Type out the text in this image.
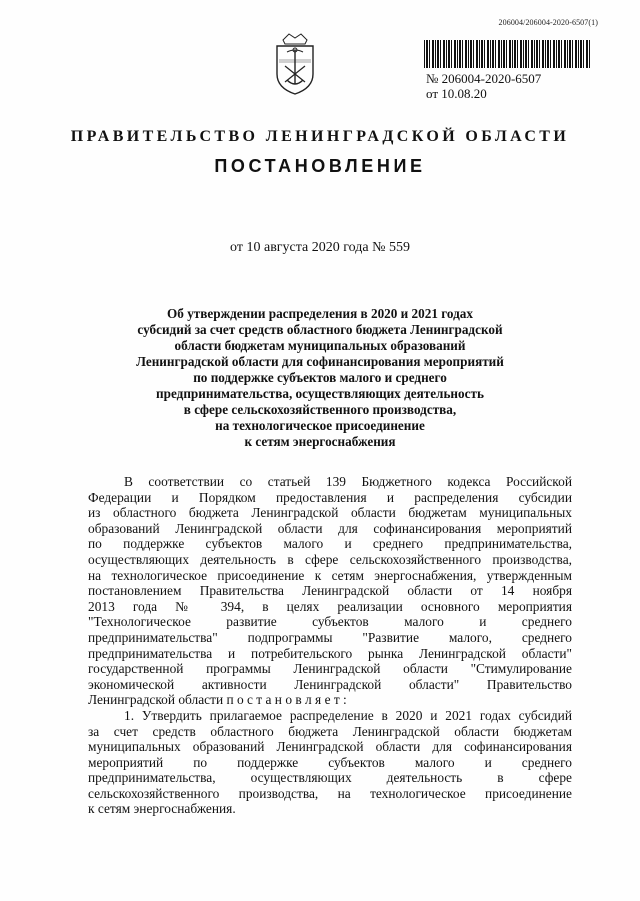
206004/206004-2020-6507(1)
№ 206004-2020-6507
от 10.08.20
ПРАВИТЕЛЬСТВО ЛЕНИНГРАДСКОЙ ОБЛАСТИ
ПОСТАНОВЛЕНИЕ
от 10 августа 2020 года № 559
Об утверждении распределения в 2020 и 2021 годах
субсидий за счет средств областного бюджета Ленинградской
области бюджетам муниципальных образований
Ленинградской области для софинансирования мероприятий
по поддержке субъектов малого и среднего
предпринимательства, осуществляющих деятельность
в сфере сельскохозяйственного производства,
на технологическое присоединение
к сетям энергоснабжения
В соответствии со статьей 139 Бюджетного кодекса Российской
Федерации и Порядком предоставления и распределения субсидии
из областного бюджета Ленинградской области бюджетам муниципальных
образований Ленинградской области для софинансирования мероприятий
по поддержке субъектов малого и среднего предпринимательства,
осуществляющих деятельность в сфере сельскохозяйственного производства,
на технологическое присоединение к сетям энергоснабжения, утвержденным
постановлением Правительства Ленинградской области от 14 ноября
2013 года № 394, в целях реализации основного мероприятия
"Технологическое развитие субъектов малого и среднего
предпринимательства" подпрограммы "Развитие малого, среднего
предпринимательства и потребительского рынка Ленинградской области"
государственной программы Ленинградской области "Стимулирование
экономической активности Ленинградской области" Правительство
Ленинградской области п о с т а н о в л я е т :
1. Утвердить прилагаемое распределение в 2020 и 2021 годах субсидий
за счет средств областного бюджета Ленинградской области бюджетам
муниципальных образований Ленинградской области для софинансирования
мероприятий по поддержке субъектов малого и среднего
предпринимательства, осуществляющих деятельность в сфере
сельскохозяйственного производства, на технологическое присоединение
к сетям энергоснабжения.
